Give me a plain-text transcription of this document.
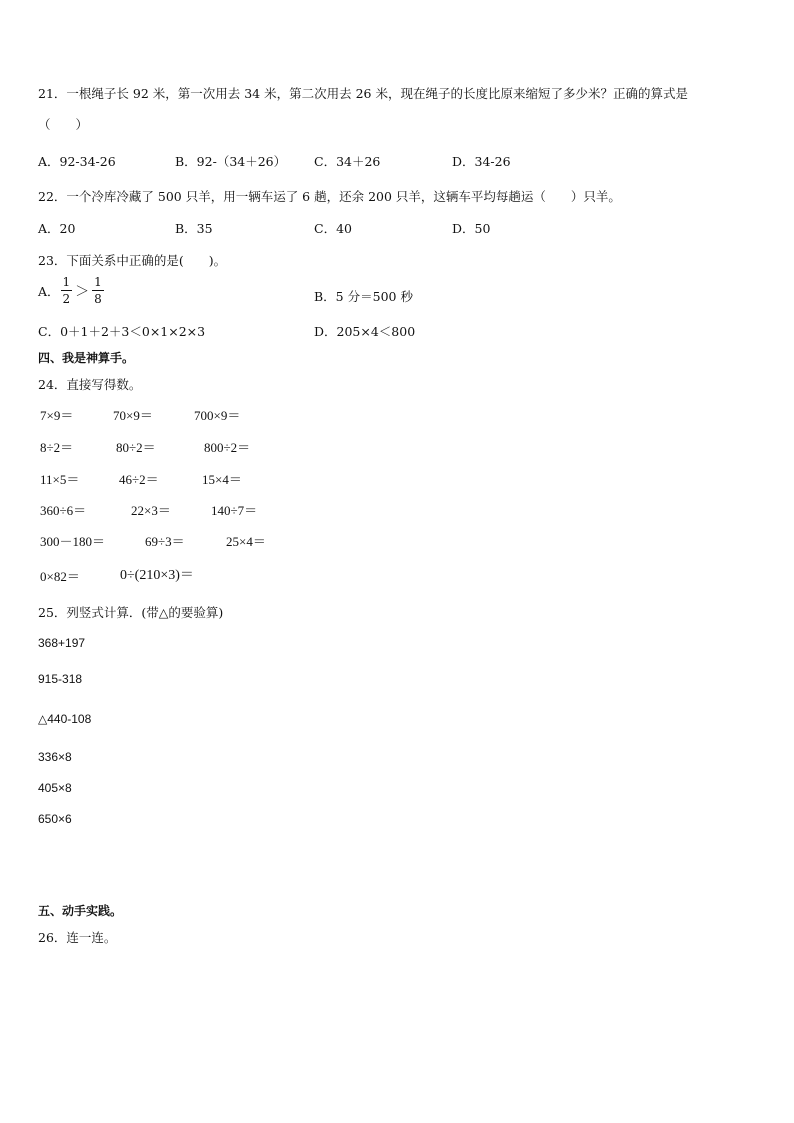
21．一根绳子长 92 米，第一次用去 34 米，第二次用去 26 米，现在绳子的长度比原来缩短了多少米？正确的算式是
（　　）
A．92-34-26	B．92-（34＋26） C．34＋26	D．34-26
22．一个冷库冷藏了 500 只羊，用一辆车运了 6 趟，还余 200 只羊，这辆车平均每趟运（　　）只羊。
A．20	B．35	C．40	D．50
23．下面关系中正确的是(　　)。
A． $\frac{1}{2} > \frac{1}{8}$	B．5 分＝500 秒
C．0＋1＋2＋3＜0×1×2×3	D．205×4＜800
四、我是神算手。
24．直接写得数。
7×9＝	70×9＝	700×9＝
8÷2＝	80÷2＝	800÷2＝
11×5＝	46÷2＝	15×4＝
360÷6＝	22×3＝	140÷7＝
300－180＝	69÷3＝	25×4＝
0×82＝	0÷(210×3)＝
25．列竖式计算．(带△的要验算)
368+197
915-318
△440-108
336×8
405×8
650×6
五、动手实践。
26．连一连。
